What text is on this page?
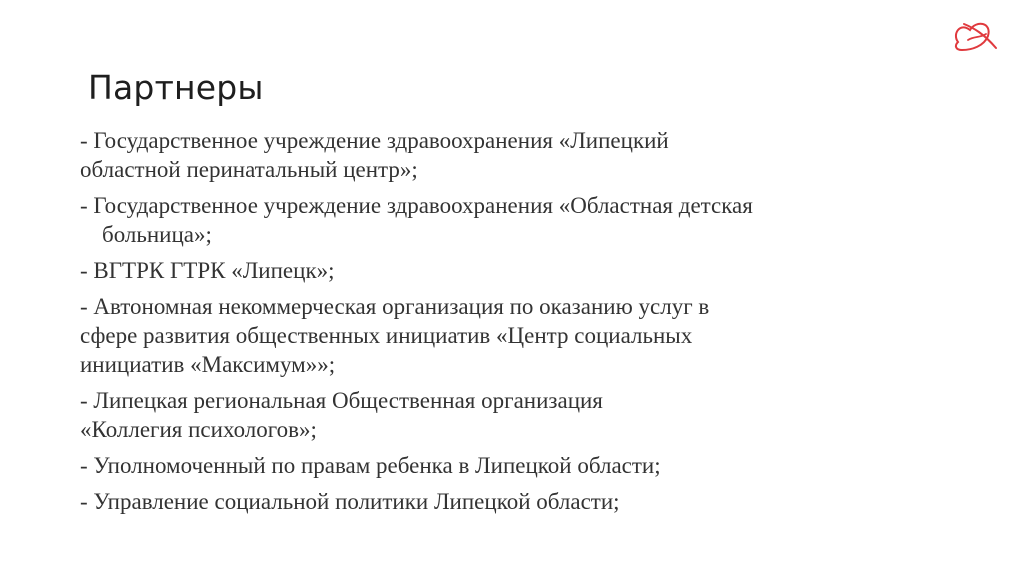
Партнеры
- Государственное учреждение здравоохранения «Липецкий
областной перинатальный центр»;
- Государственное учреждение здравоохранения «Областная детская
больница»;
- ВГТРК ГТРК «Липецк»;
- Автономная некоммерческая организация по оказанию услуг в
сфере развития общественных инициатив «Центр социальных
инициатив «Максимум»»;
- Липецкая региональная Общественная организация
«Коллегия психологов»;
- Уполномоченный по правам ребенка в Липецкой области;
- Управление социальной политики Липецкой области;
